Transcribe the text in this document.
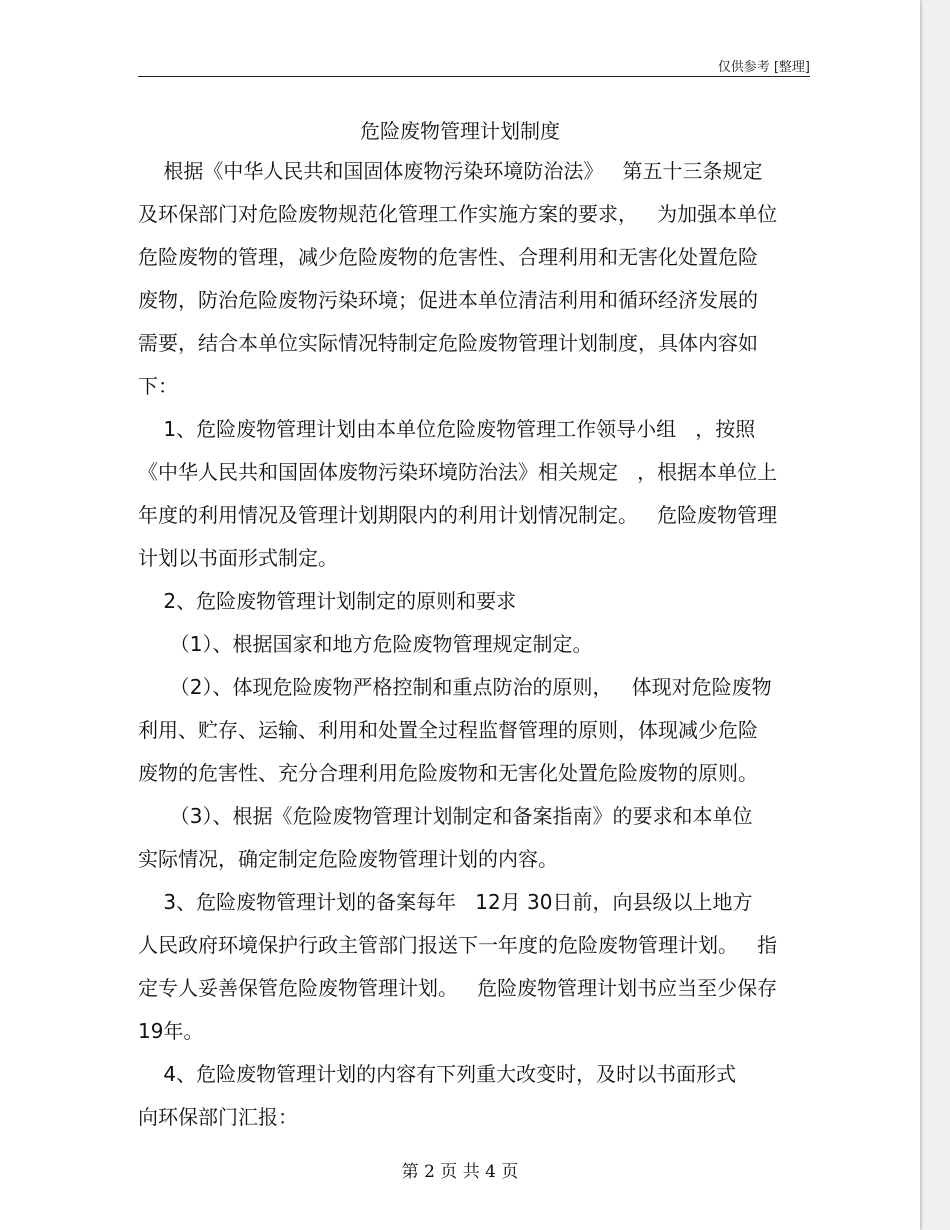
仅供参考 [整理]
危险废物管理计划制度
根据《中华人民共和国固体废物污染环境防治法》   第五十三条规定
及环保部门对危险废物规范化管理工作实施方案的要求，   为加强本单位
危险废物的管理，减少危险废物的危害性、合理利用和无害化处置危险
废物，防治危险废物污染环境；促进本单位清洁利用和循环经济发展的
需要，结合本单位实际情况特制定危险废物管理计划制度，具体内容如
下：
1、危险废物管理计划由本单位危险废物管理工作领导小组   ，按照
《中华人民共和国固体废物污染环境防治法》相关规定   ，根据本单位上
年度的利用情况及管理计划期限内的利用计划情况制定。   危险废物管理
计划以书面形式制定。
2、危险废物管理计划制定的原则和要求
（1）、根据国家和地方危险废物管理规定制定。
（2）、体现危险废物严格控制和重点防治的原则，   体现对危险废物
利用、贮存、运输、利用和处置全过程监督管理的原则，体现减少危险
废物的危害性、充分合理利用危险废物和无害化处置危险废物的原则。
（3）、根据《危险废物管理计划制定和备案指南》的要求和本单位
实际情况，确定制定危险废物管理计划的内容。
3、危险废物管理计划的备案每年   12月 30日前，向县级以上地方
人民政府环境保护行政主管部门报送下一年度的危险废物管理计划。   指
定专人妥善保管危险废物管理计划。   危险废物管理计划书应当至少保存
19年。
4、危险废物管理计划的内容有下列重大改变时，及时以书面形式
向环保部门汇报：
第 2 页 共 4 页
